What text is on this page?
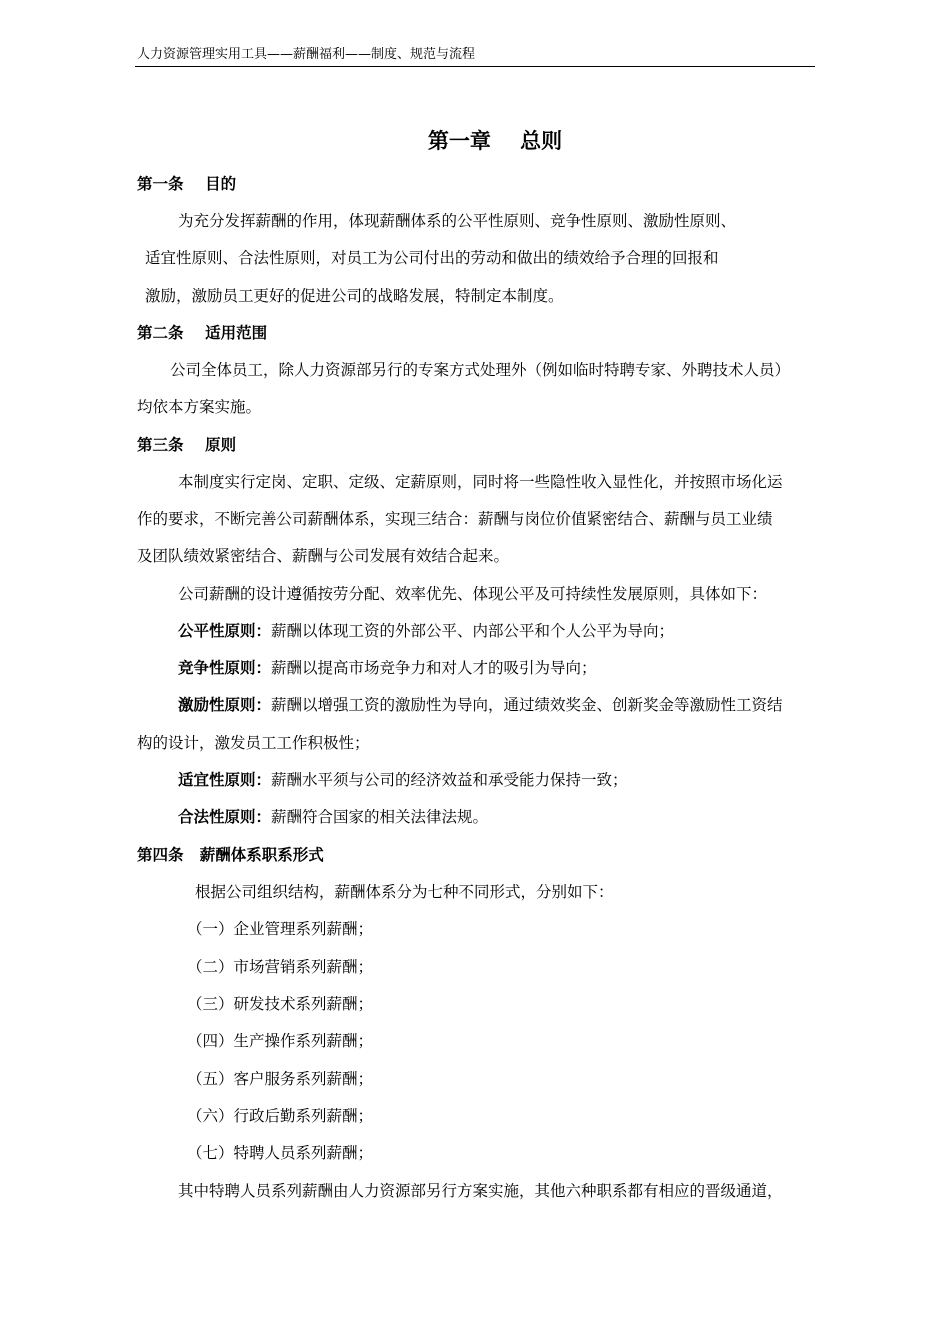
人力资源管理实用工具——薪酬福利——制度、规范与流程
第一章    总则
第一条    目的
为充分发挥薪酬的作用，体现薪酬体系的公平性原则、竞争性原则、激励性原则、
适宜性原则、合法性原则，对员工为公司付出的劳动和做出的绩效给予合理的回报和
激励，激励员工更好的促进公司的战略发展，特制定本制度。
第二条    适用范围
公司全体员工，除人力资源部另行的专案方式处理外（例如临时特聘专家、外聘技术人员）
均依本方案实施。
第三条    原则
本制度实行定岗、定职、定级、定薪原则，同时将一些隐性收入显性化，并按照市场化运
作的要求，不断完善公司薪酬体系，实现三结合：薪酬与岗位价值紧密结合、薪酬与员工业绩
及团队绩效紧密结合、薪酬与公司发展有效结合起来。
公司薪酬的设计遵循按劳分配、效率优先、体现公平及可持续性发展原则，具体如下：
公平性原则：薪酬以体现工资的外部公平、内部公平和个人公平为导向；
竞争性原则：薪酬以提高市场竞争力和对人才的吸引为导向；
激励性原则：薪酬以增强工资的激励性为导向，通过绩效奖金、创新奖金等激励性工资结
构的设计，激发员工工作积极性；
适宜性原则：薪酬水平须与公司的经济效益和承受能力保持一致；
合法性原则：薪酬符合国家的相关法律法规。
第四条   薪酬体系职系形式
根据公司组织结构，薪酬体系分为七种不同形式，分别如下：
（一）企业管理系列薪酬；
（二）市场营销系列薪酬；
（三）研发技术系列薪酬；
（四）生产操作系列薪酬；
（五）客户服务系列薪酬；
（六）行政后勤系列薪酬；
（七）特聘人员系列薪酬；
其中特聘人员系列薪酬由人力资源部另行方案实施，其他六种职系都有相应的晋级通道，
